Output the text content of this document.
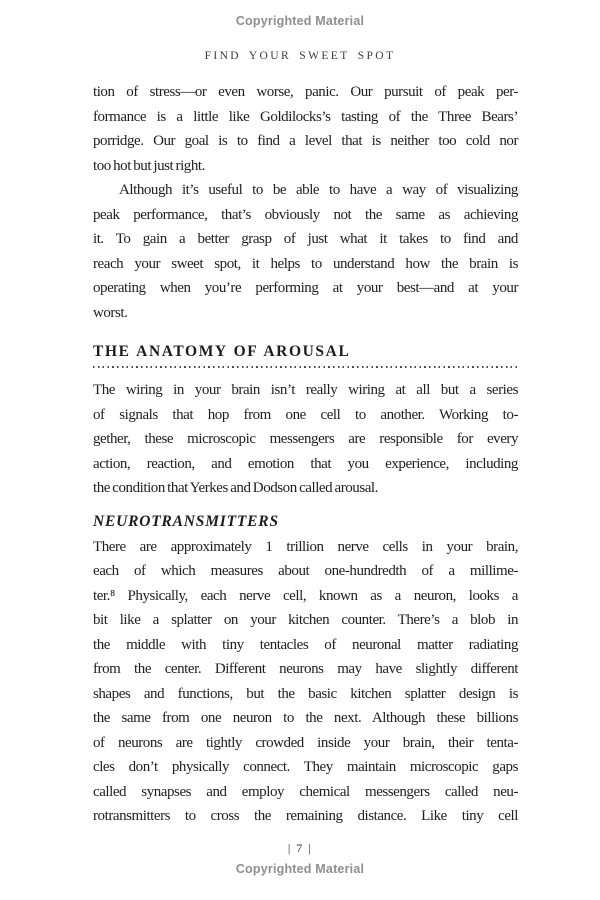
Copyrighted Material
FIND YOUR SWEET SPOT
tion of stress—or even worse, panic. Our pursuit of peak per-
formance is a little like Goldilocks’s tasting of the Three Bears’
porridge. Our goal is to find a level that is neither too cold nor
too hot but just right.
Although it’s useful to be able to have a way of visualizing
peak performance, that’s obviously not the same as achieving
it. To gain a better grasp of just what it takes to find and
reach your sweet spot, it helps to understand how the brain is
operating when you’re performing at your best—and at your
worst.
THE ANATOMY OF AROUSAL
The wiring in your brain isn’t really wiring at all but a series
of signals that hop from one cell to another. Working to-
gether, these microscopic messengers are responsible for every
action, reaction, and emotion that you experience, including
the condition that Yerkes and Dodson called arousal.
NEUROTRANSMITTERS
There are approximately 1 trillion nerve cells in your brain,
each of which measures about one-hundredth of a millime-
ter.⁸ Physically, each nerve cell, known as a neuron, looks a
bit like a splatter on your kitchen counter. There’s a blob in
the middle with tiny tentacles of neuronal matter radiating
from the center. Different neurons may have slightly different
shapes and functions, but the basic kitchen splatter design is
the same from one neuron to the next. Although these billions
of neurons are tightly crowded inside your brain, their tenta-
cles don’t physically connect. They maintain microscopic gaps
called synapses and employ chemical messengers called neu-
rotransmitters to cross the remaining distance. Like tiny cell
| 7 |
Copyrighted Material
